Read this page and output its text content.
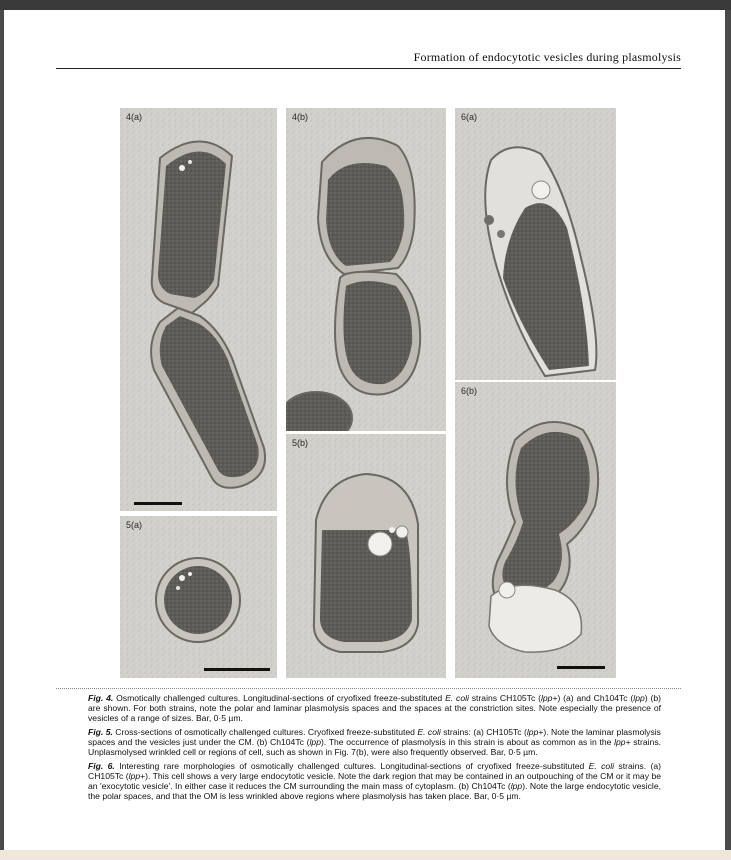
Formation of endocytotic vesicles during plasmolysis
4(a)	4(b)	6(a)
6(b)
5(b)
5(a)

Fig. 4. Osmotically challenged cultures. Longitudinal-sections of cryofixed freeze-substituted E. coli strains CH105Tc (lpp+) (a) and Ch104Tc (lpp) (b) are shown. For both strains, note the polar and laminar plasmolysis spaces and the spaces at the constriction sites. Note especially the presence of vesicles of a range of sizes. Bar, 0·5 µm.

Fig. 5. Cross-sections of osmotically challenged cultures. Cryofixed freeze-substituted E. coli strains: (a) CH105Tc (lpp+). Note the laminar plasmolysis spaces and the vesicles just under the CM. (b) Ch104Tc (lpp). The occurrence of plasmolysis in this strain is about as common as in the lpp+ strains. Unplasmolysed wrinkled cell or regions of cell, such as shown in Fig. 7(b), were also frequently observed. Bar, 0·5 µm.

Fig. 6. Interesting rare morphologies of osmotically challenged cultures. Longitudinal-sections of cryofixed freeze-substituted E. coli strains. (a) CH105Tc (lpp+). This cell shows a very large endocytotic vesicle. Note the dark region that may be contained in an outpouching of the CM or it may be an 'exocytotic vesicle'. In either case it reduces the CM surrounding the main mass of cytoplasm. (b) Ch104Tc (lpp). Note the large endocytotic vesicle, the polar spaces, and that the OM is less wrinkled above regions where plasmolysis has taken place. Bar, 0·5 µm.
